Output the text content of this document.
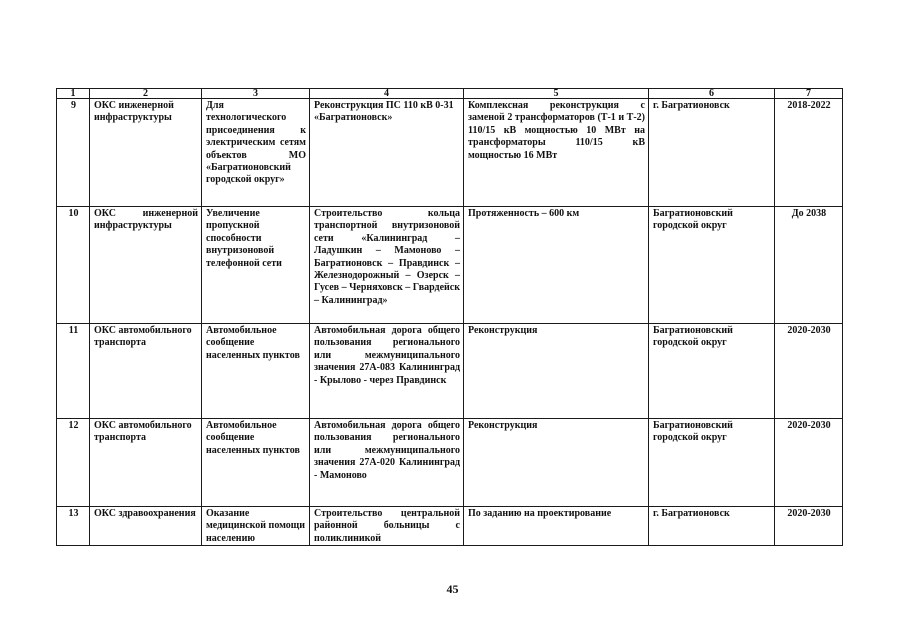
1	2	3	4	5	6	7
9	ОКС инженерной инфраструктуры	Для технологического присоединения к электрическим сетям объектов МО «Багратионовский городской округ»	Реконструкция ПС 110 кВ 0-31 «Багратионовск»	Комплексная реконструкция с заменой 2 трансформаторов (Т-1 и Т-2) 110/15 кВ мощностью 10 МВт на трансформаторы 110/15 кВ мощностью 16 МВт	г. Багратионовск	2018-2022
10	ОКС инженерной инфраструктуры	Увеличение пропускной способности внутризоновой телефонной сети	Строительство кольца транспортной внутризоновой сети «Калининград – Ладушкин – Мамоново – Багратионовск – Правдинск – Железнодорожный – Озерск – Гусев – Черняховск – Гвардейск – Калининград»	Протяженность – 600 км	Багратионовский городской округ	До 2038
11	ОКС автомобильного транспорта	Автомобильное сообщение населенных пунктов	Автомобильная дорога общего пользования регионального или межмуниципального значения 27А-083 Калининград - Крылово - через Правдинск	Реконструкция	Багратионовский городской округ	2020-2030
12	ОКС автомобильного транспорта	Автомобильное сообщение населенных пунктов	Автомобильная дорога общего пользования регионального или межмуниципального значения 27А-020 Калининград - Мамоново	Реконструкция	Багратионовский городской округ	2020-2030
13	ОКС здравоохранения	Оказание медицинской помощи населению	Строительство центральной районной больницы с поликлиникой	По заданию на проектирование	г. Багратионовск	2020-2030
45
